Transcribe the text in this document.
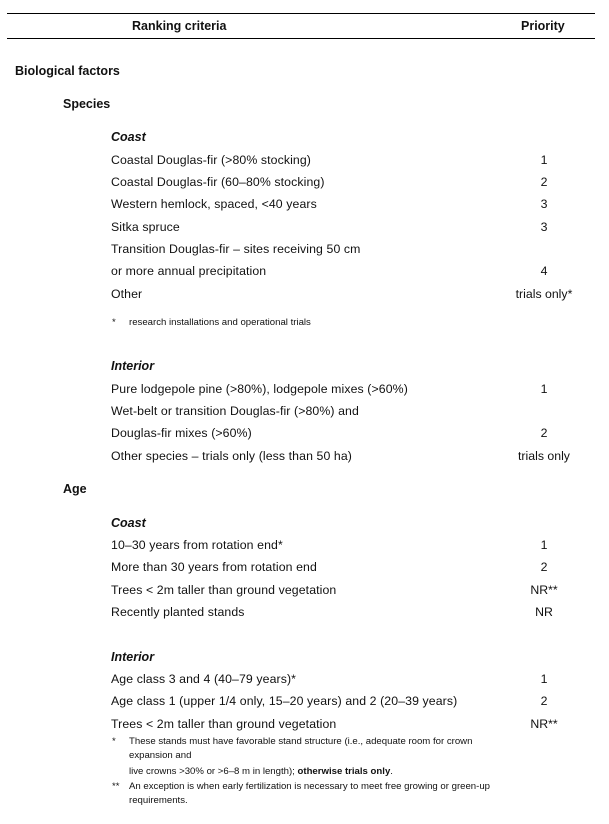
Ranking criteria	Priority
Biological factors
Species
Coast
Coastal Douglas-fir (>80% stocking)	1
Coastal Douglas-fir (60–80% stocking)	2
Western hemlock, spaced, <40 years	3
Sitka spruce	3
Transition Douglas-fir – sites receiving 50 cm
or more annual precipitation	4
Other	trials only*
* research installations and operational trials
Interior
Pure lodgepole pine (>80%), lodgepole mixes (>60%)	1
Wet-belt or transition Douglas-fir (>80%) and
Douglas-fir mixes (>60%)	2
Other species – trials only (less than 50 ha)	trials only
Age
Coast
10–30 years from rotation end*	1
More than 30 years from rotation end	2
Trees < 2m taller than ground vegetation	NR**
Recently planted stands	NR
Interior
Age class 3 and 4 (40–79 years)*	1
Age class 1 (upper 1/4 only, 15–20 years) and 2 (20–39 years)	2
Trees < 2m taller than ground vegetation	NR**
* These stands must have favorable stand structure (i.e., adequate room for crown
expansion and
live crowns >30% or >6–8 m in length); otherwise trials only.
** An exception is when early fertilization is necessary to meet free growing or green-up
requirements.
